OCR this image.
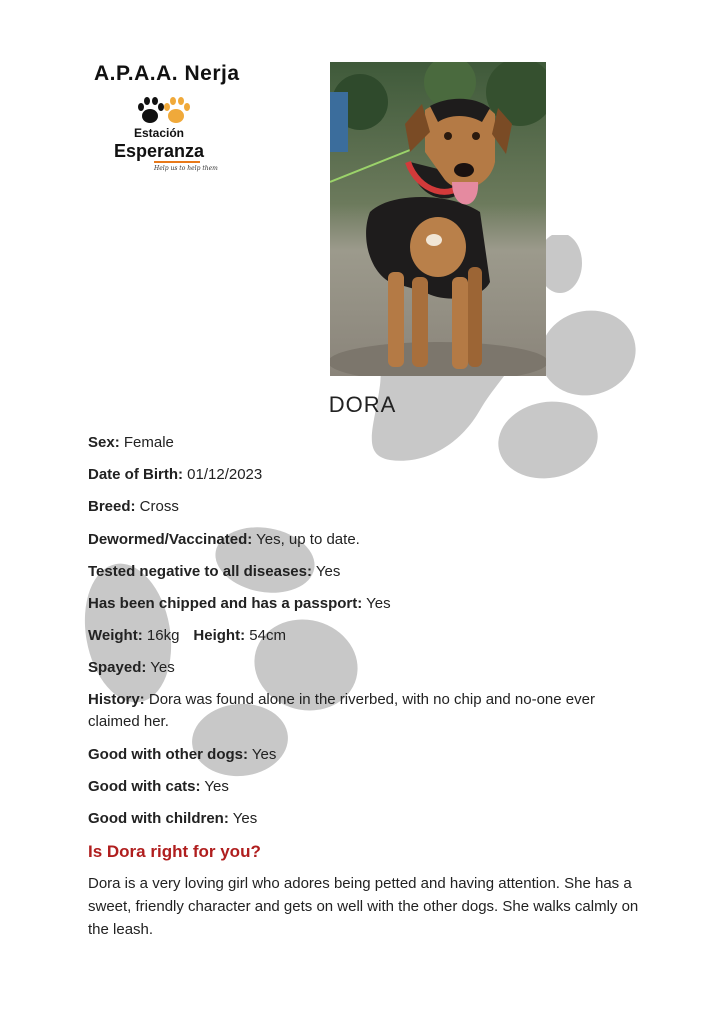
A.P.A.A. Nerja
Estación
Esperanza
Help us to help them
DORA
Sex: Female
Date of Birth: 01/12/2023
Breed: Cross
Dewormed/Vaccinated: Yes, up to date.
Tested negative to all diseases: Yes
Has been chipped and has a passport: Yes
Weight: 16kg Height: 54cm
Spayed: Yes
History: Dora was found alone in the riverbed, with no chip and no-one ever claimed her.
Good with other dogs: Yes
Good with cats: Yes
Good with children: Yes
Is Dora right for you?
Dora is a very loving girl who adores being petted and having attention. She has a sweet, friendly character and gets on well with the other dogs. She walks calmly on the leash.
